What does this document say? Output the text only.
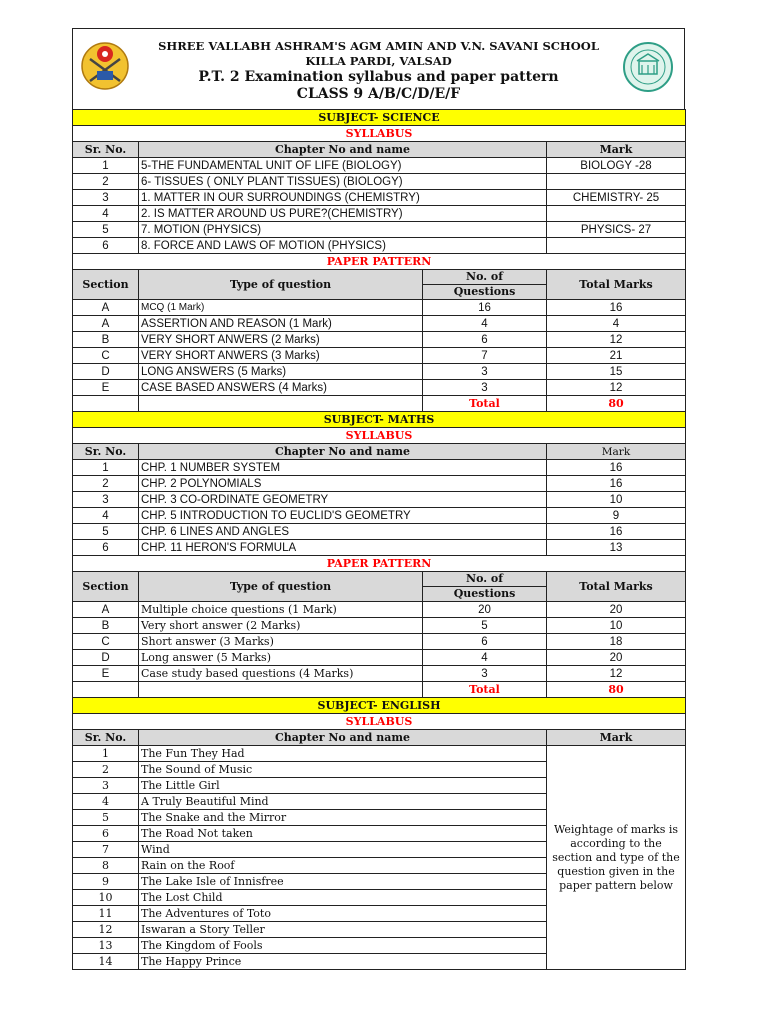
SHREE VALLABH ASHRAM'S AGM AMIN AND V.N. SAVANI SCHOOL
KILLA PARDI, VALSAD
P.T. 2 Examination syllabus and paper pattern
CLASS 9 A/B/C/D/E/F
SUBJECT- SCIENCE			
SYLLABUS			
Sr. No.	Chapter No and name		Mark
1	5-THE FUNDAMENTAL UNIT OF LIFE (BIOLOGY)		BIOLOGY -28
2	6- TISSUES ( ONLY PLANT TISSUES) (BIOLOGY)		
3	1. MATTER IN OUR SURROUNDINGS (CHEMISTRY)		CHEMISTRY- 25
4	2. IS MATTER AROUND US PURE?(CHEMISTRY)		
5	7. MOTION (PHYSICS)		PHYSICS- 27
6	8. FORCE AND LAWS OF MOTION (PHYSICS)		
PAPER PATTERN			
Section	Type of question	No. of	Total Marks
		Questions	
A	MCQ (1 Mark)	16	16
A	ASSERTION AND REASON (1 Mark)	4	4
B	VERY SHORT ANWERS (2 Marks)	6	12
C	VERY SHORT ANWERS (3 Marks)	7	21
D	LONG ANSWERS (5 Marks)	3	15
E	CASE BASED ANSWERS (4 Marks)	3	12
		Total	80
SUBJECT- MATHS			
SYLLABUS			
Sr. No.	Chapter No and name		Mark
1	CHP. 1 NUMBER SYSTEM		16
2	CHP. 2 POLYNOMIALS		16
3	CHP. 3 CO-ORDINATE GEOMETRY		10
4	CHP. 5 INTRODUCTION TO EUCLID'S GEOMETRY		9
5	CHP. 6 LINES AND ANGLES		16
6	CHP. 11 HERON'S FORMULA		13
PAPER PATTERN			
Section	Type of question	No. of	Total Marks
		Questions	
A	Multiple choice questions (1 Mark)	20	20
B	Very short answer (2 Marks)	5	10
C	Short answer (3 Marks)	6	18
D	Long answer (5 Marks)	4	20
E	Case study based questions (4 Marks)	3	12
		Total	80
SUBJECT- ENGLISH			
SYLLABUS			
Sr. No.	Chapter No and name		Mark
1	The Fun They Had		Weightage of marks is according to the section and type of the question given in the paper pattern below
2	The Sound of Music		
3	The Little Girl		
4	A Truly Beautiful Mind		
5	The Snake and the Mirror		
6	The Road Not taken		
7	Wind		
8	Rain on the Roof		
9	The Lake Isle of Innisfree		
10	The Lost Child		
11	The Adventures of Toto		
12	Iswaran a Story Teller		
13	The Kingdom of Fools		
14	The Happy Prince		
